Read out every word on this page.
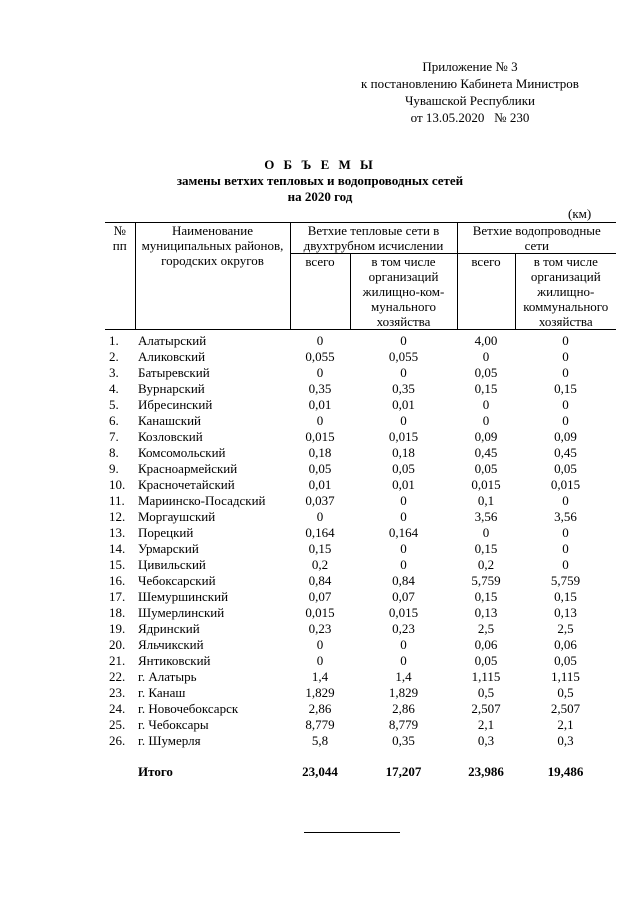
Приложение № 3
к постановлению Кабинета Министров
Чувашской Республики
от 13.05.2020   № 230
О Б Ъ Е М Ы
замены ветхих тепловых и водопроводных сетей
на 2020 год
(км)
№ пп	Наименование муниципальных районов, городских округов	Ветхие тепловые сети в двухтрубном исчислении		Ветхие водопроводные сети	
		всего	в том числе организаций жилищно-ком- мунального хозяйства	всего	в том числе организаций жилищно- коммунального хозяйства
1.	Алатырский	0	0	4,00	0
2.	Аликовский	0,055	0,055	0	0
3.	Батыревский	0	0	0,05	0
4.	Вурнарский	0,35	0,35	0,15	0,15
5.	Ибресинский	0,01	0,01	0	0
6.	Канашский	0	0	0	0
7.	Козловский	0,015	0,015	0,09	0,09
8.	Комсомольский	0,18	0,18	0,45	0,45
9.	Красноармейский	0,05	0,05	0,05	0,05
10.	Красночетайский	0,01	0,01	0,015	0,015
11.	Мариинско-Посадский	0,037	0	0,1	0
12.	Моргаушский	0	0	3,56	3,56
13.	Порецкий	0,164	0,164	0	0
14.	Урмарский	0,15	0	0,15	0
15.	Цивильский	0,2	0	0,2	0
16.	Чебоксарский	0,84	0,84	5,759	5,759
17.	Шемуршинский	0,07	0,07	0,15	0,15
18.	Шумерлинский	0,015	0,015	0,13	0,13
19.	Ядринский	0,23	0,23	2,5	2,5
20.	Яльчикский	0	0	0,06	0,06
21.	Янтиковский	0	0	0,05	0,05
22.	г. Алатырь	1,4	1,4	1,115	1,115
23.	г. Канаш	1,829	1,829	0,5	0,5
24.	г. Новочебоксарск	2,86	2,86	2,507	2,507
25.	г. Чебоксары	8,779	8,779	2,1	2,1
26.	г. Шумерля	5,8	0,35	0,3	0,3

	Итого	23,044	17,207	23,986	19,486
